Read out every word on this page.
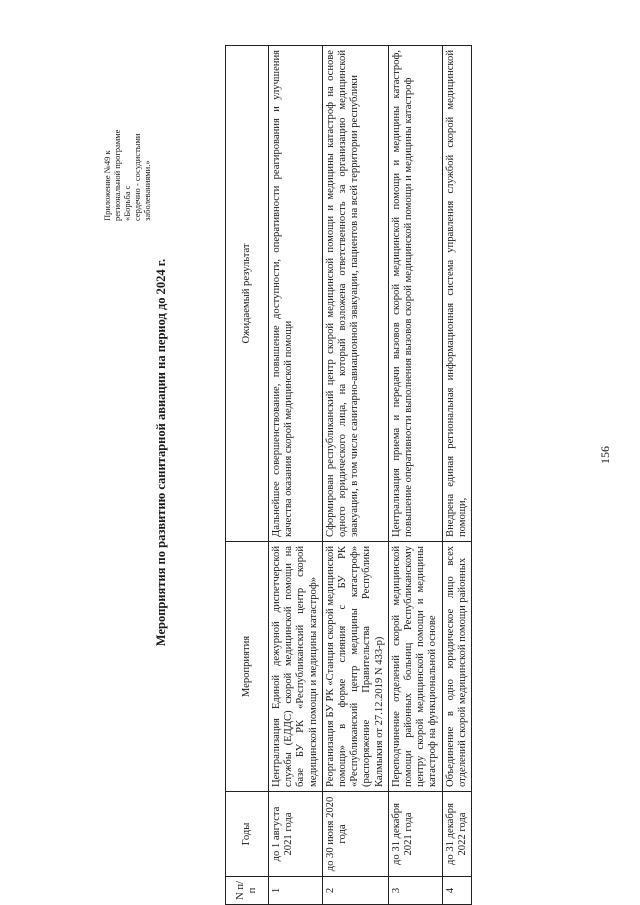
Приложение №49 к региональной программе «Борьба с сердечно - сосудистыми заболеваниями.»
Мероприятия по развитию санитарной авиации на период до 2024 г.
N п/п	Годы	Мероприятия	Ожидаемый результат
1	до 1 августа 2021 года	Централизация Единой дежурной диспетчерской службы (ЕДДС) скорой медицинской помощи на базе БУ РК «Республиканский центр скорой медицинской помощи и медицины катастроф»	Дальнейшее совершенствование, повышение доступности, оперативности реагирования и улучшения качества оказания скорой медицинской помощи
2	до 30 июня 2020 года	Реорганизация БУ РК «Станция скорой медицинской помощи» в форме слияния с БУ РК «Республиканский центр медицины катастроф» (распоряжение Правительства Республики Калмыкия от 27.12.2019 N 433-р)	Сформирован республиканский центр скорой медицинской помощи и медицины катастроф на основе одного юридического лица, на который возложена ответственность за организацию медицинской эвакуации, в том числе санитарно-авиационной эвакуации, пациентов на всей территории республики
3	до 31 декабря 2021 года	Переподчинение отделений скорой медицинской помощи районных больниц Республиканскому центру скорой медицинской помощи и медицины катастроф на функциональной основе	Централизация приема и передачи вызовов скорой медицинской помощи и медицины катастроф, повышение оперативности выполнения вызовов скорой медицинской помощи и медицины катастроф
4	до 31 декабря 2022 года	Объединение в одно юридическое лицо всех отделений скорой медицинской помощи районных	Внедрена единая региональная информационная система управления службой скорой медицинской помощи,
156
